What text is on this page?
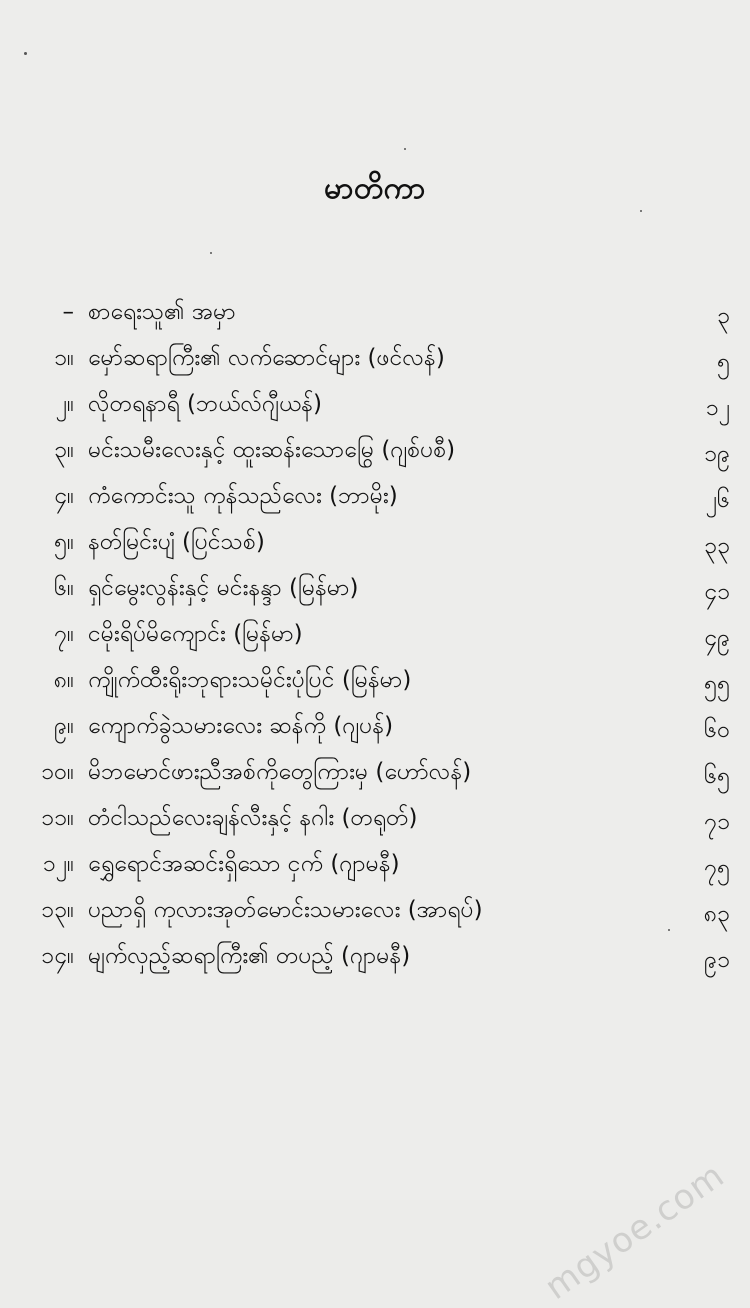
မာတိကာ
– စာရေးသူ၏ အမှာ	၃
၁။ မှော်ဆရာကြီး၏ လက်ဆောင်များ (ဖင်လန်)	၅
၂။ လိုတရနာရီ (ဘယ်လ်ဂျီယန်)	၁၂
၃။ မင်းသမီးလေးနှင့် ထူးဆန်းသောမြွေ (ဂျစ်ပစီ)	၁၉
၄။ ကံကောင်းသူ ကုန်သည်လေး (ဘာမိုး)	၂၆
၅။ နတ်မြင်းပျံ (ပြင်သစ်)	၃၃
၆။ ရှင်မွေးလွန်းနှင့် မင်းနန္ဒာ (မြန်မာ)	၄၁
၇။ ငမိုးရိပ်မိကျောင်း (မြန်မာ)	၄၉
၈။ ကျိုက်ထီးရိုးဘုရားသမိုင်းပုံပြင် (မြန်မာ)	၅၅
၉။ ကျောက်ခွဲသမားလေး ဆန်ကို (ဂျပန်)	၆၀
၁၀။ မိဘမောင်ဖားညီအစ်ကိုတွေကြားမှ (ဟော်လန်)	၆၅
၁၁။ တံငါသည်လေးချန်လီးနှင့် နဂါး (တရုတ်)	၇၁
၁၂။ ရွှေရောင်အဆင်းရှိသော ငှက် (ဂျာမနီ)	၇၅
၁၃။ ပညာရှိ ကုလားအုတ်မောင်းသမားလေး (အာရပ်)	၈၃
၁၄။ မျက်လှည့်ဆရာကြီး၏ တပည့် (ဂျာမနီ)	၉၁
mgyoe.com
